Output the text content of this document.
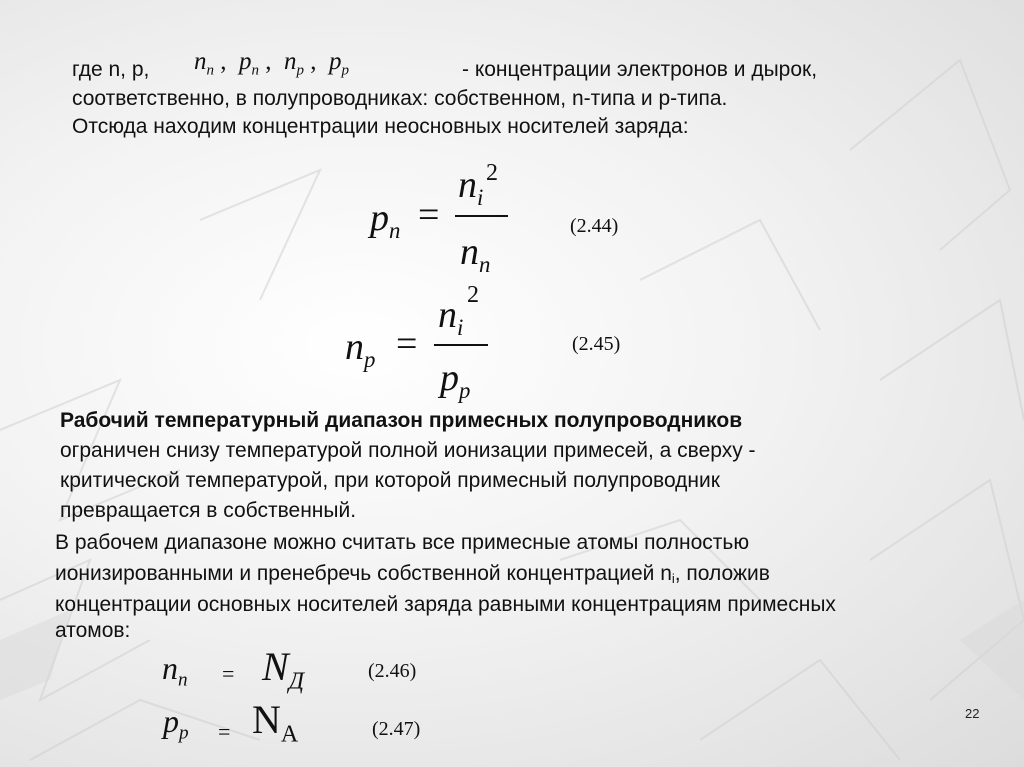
где n, p, $n_n$ ,  $p_n$ ,  $n_p$ ,  $p_p$	- концентрации электронов и дырок,
соответственно, в полупроводниках: собственном, n-типа и p-типа.
Отсюда находим концентрации неосновных носителей заряда:
$p_n$ =
$n_i$
2
$n_n$
(2.44)
$n_p$ =
$n_i$
2
$p_p$
(2.45)
Рабочий температурный диапазон примесных полупроводников
ограничен снизу температурой полной ионизации примесей, а сверху -
критической температурой, при которой примесный полупроводник
превращается в собственный.
В рабочем диапазоне можно считать все примесные атомы полностью
ионизированными и пренебречь собственной концентрацией ni, положив
концентрации основных носителей заряда равными концентрациям примесных
атомов:
$n_n = N_Д$	(2.46)
$p_p = N_A$	(2.47)
22
